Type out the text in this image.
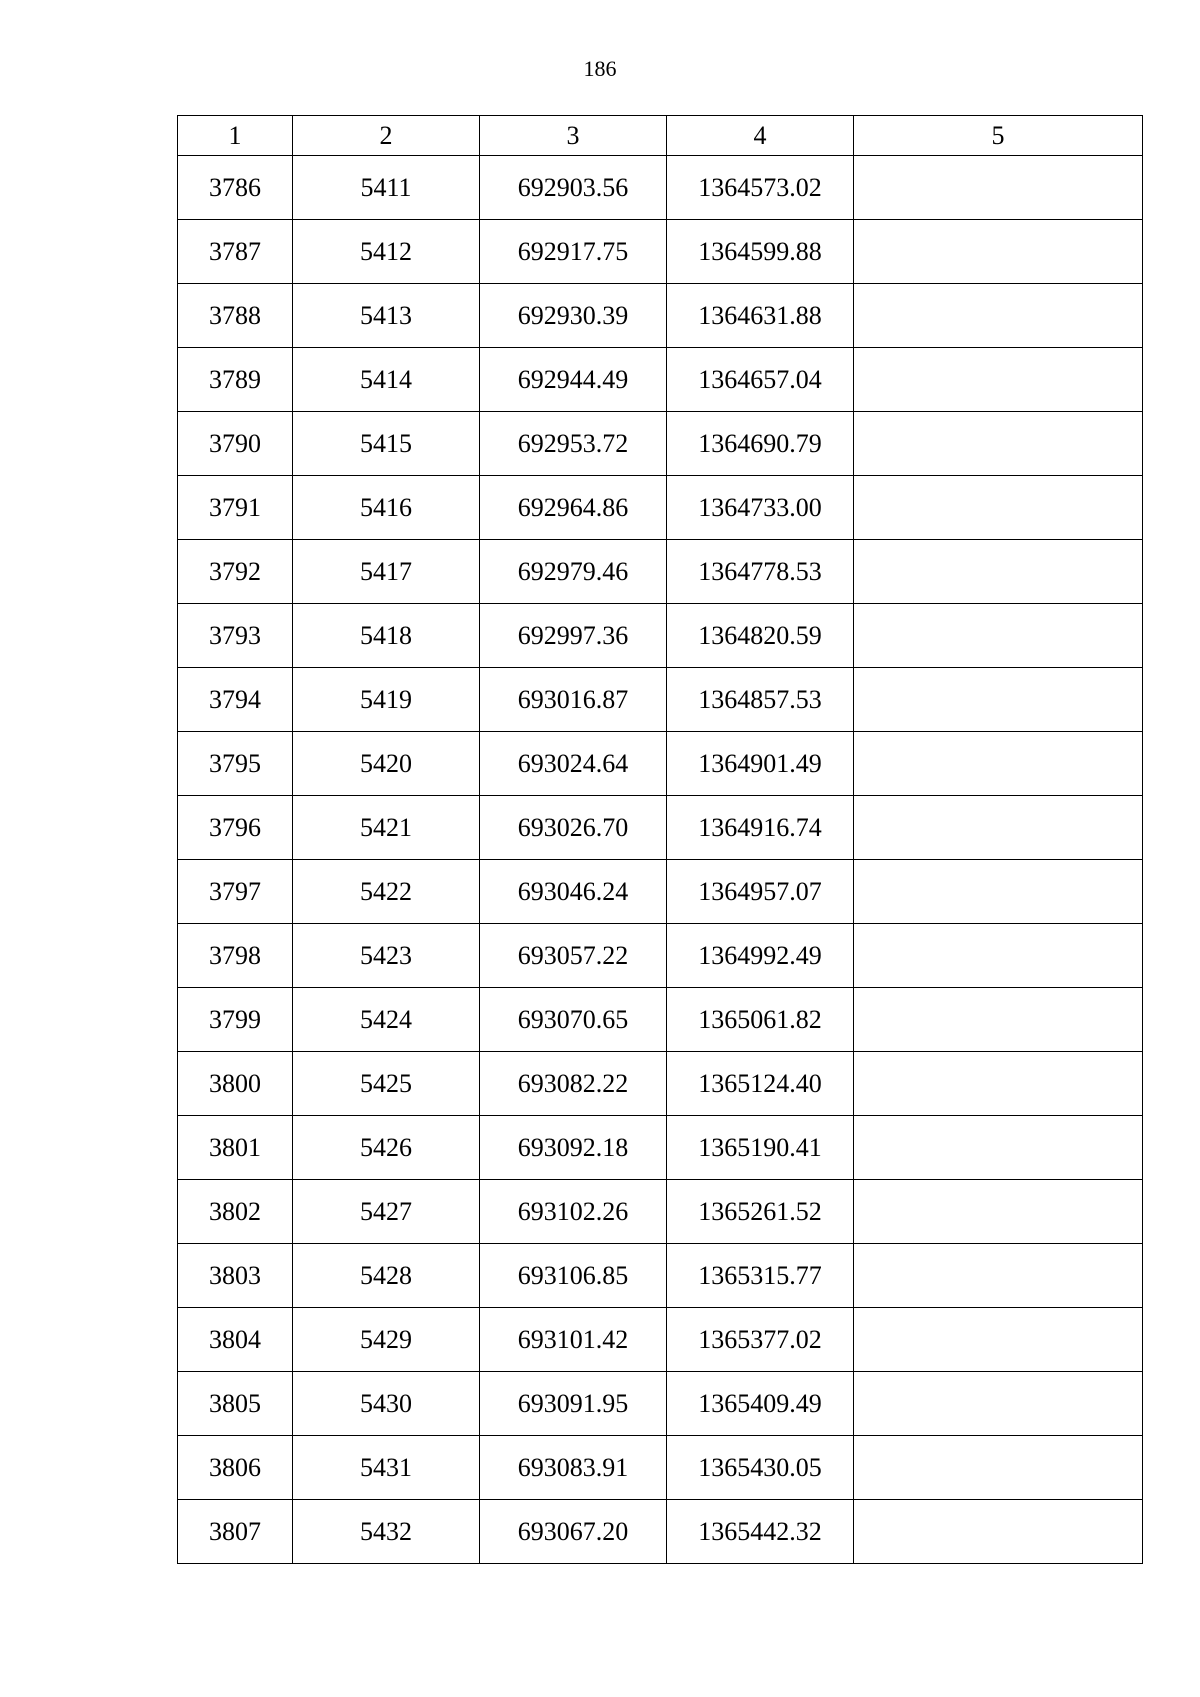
186
1	2	3	4	5
3786	5411	692903.56	1364573.02	
3787	5412	692917.75	1364599.88	
3788	5413	692930.39	1364631.88	
3789	5414	692944.49	1364657.04	
3790	5415	692953.72	1364690.79	
3791	5416	692964.86	1364733.00	
3792	5417	692979.46	1364778.53	
3793	5418	692997.36	1364820.59	
3794	5419	693016.87	1364857.53	
3795	5420	693024.64	1364901.49	
3796	5421	693026.70	1364916.74	
3797	5422	693046.24	1364957.07	
3798	5423	693057.22	1364992.49	
3799	5424	693070.65	1365061.82	
3800	5425	693082.22	1365124.40	
3801	5426	693092.18	1365190.41	
3802	5427	693102.26	1365261.52	
3803	5428	693106.85	1365315.77	
3804	5429	693101.42	1365377.02	
3805	5430	693091.95	1365409.49	
3806	5431	693083.91	1365430.05	
3807	5432	693067.20	1365442.32	
